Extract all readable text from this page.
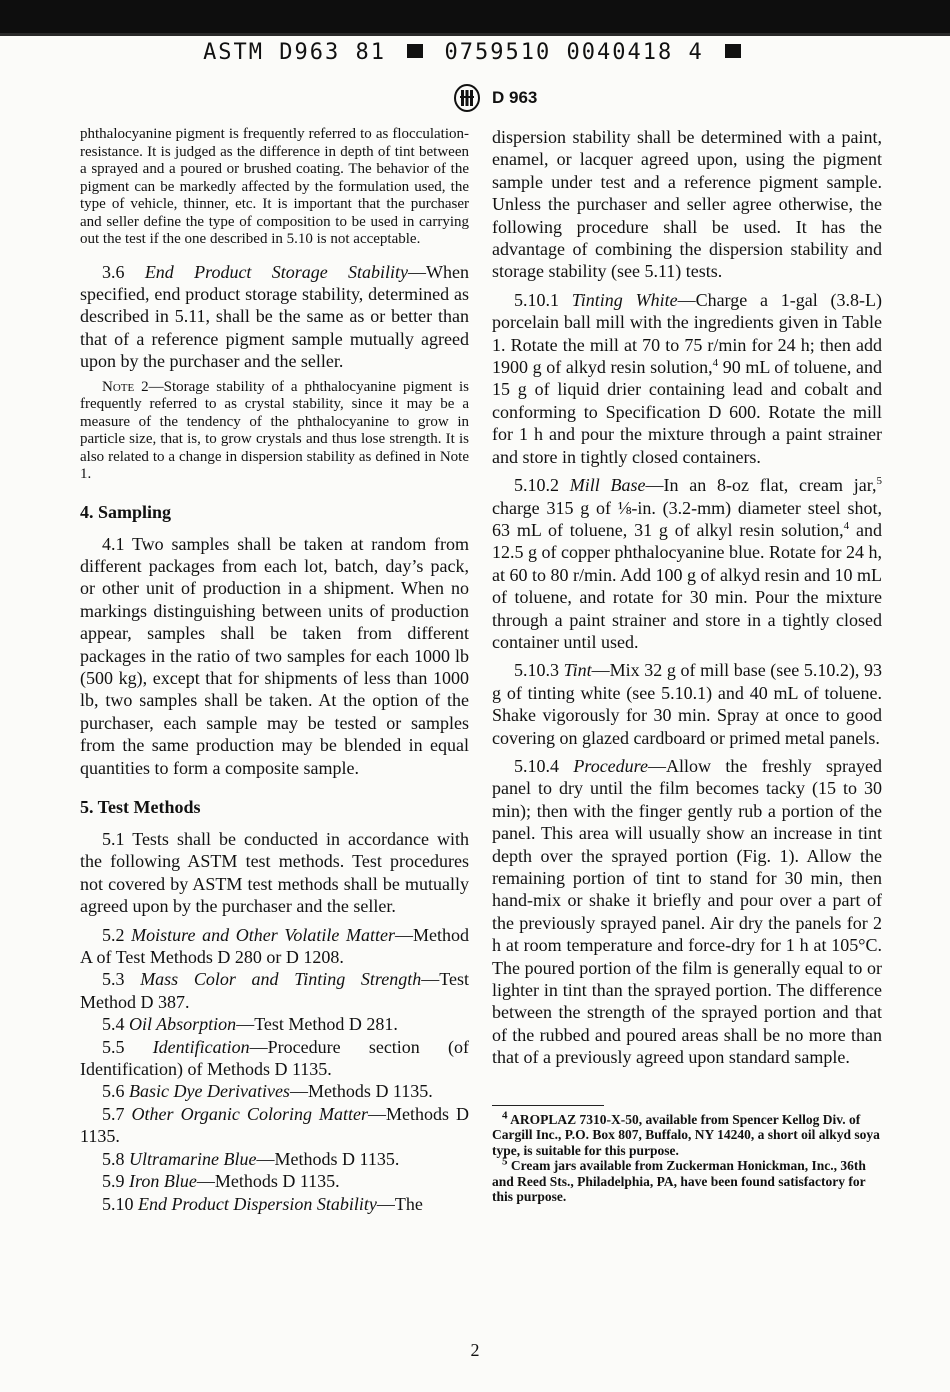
ASTM D963 81	0759510 0040418 4
D 963

phthalocyanine pigment is frequently referred to as flocculation-resistance. It is judged as the difference in depth of tint between a sprayed and a poured or brushed coating. The behavior of the pigment can be markedly affected by the formulation used, the type of vehicle, thinner, etc. It is important that the purchaser and seller define the type of composition to be used in carrying out the test if the one described in 5.10 is not acceptable.

3.6 End Product Storage Stability—When specified, end product storage stability, determined as described in 5.11, shall be the same as or better than that of a reference pigment sample mutually agreed upon by the purchaser and the seller.

Note 2—Storage stability of a phthalocyanine pigment is frequently referred to as crystal stability, since it may be a measure of the tendency of the phthalocyanine to grow in particle size, that is, to grow crystals and thus lose strength. It is also related to a change in dispersion stability as defined in Note 1.

4. Sampling

4.1 Two samples shall be taken at random from different packages from each lot, batch, day’s pack, or other unit of production in a shipment. When no markings distinguishing between units of production appear, samples shall be taken from different packages in the ratio of two samples for each 1000 lb (500 kg), except that for shipments of less than 1000 lb, two samples shall be taken. At the option of the purchaser, each sample may be tested or samples from the same production may be blended in equal quantities to form a composite sample.

5. Test Methods

5.1 Tests shall be conducted in accordance with the following ASTM test methods. Test procedures not covered by ASTM test methods shall be mutually agreed upon by the purchaser and the seller.

5.2 Moisture and Other Volatile Matter—Method A of Test Methods D 280 or D 1208.

5.3 Mass Color and Tinting Strength—Test Method D 387.

5.4 Oil Absorption—Test Method D 281.

5.5 Identification—Procedure section (of Identification) of Methods D 1135.

5.6 Basic Dye Derivatives—Methods D 1135.

5.7 Other Organic Coloring Matter—Methods D 1135.

5.8 Ultramarine Blue—Methods D 1135.

5.9 Iron Blue—Methods D 1135.

5.10 End Product Dispersion Stability—The

dispersion stability shall be determined with a paint, enamel, or lacquer agreed upon, using the pigment sample under test and a reference pigment sample. Unless the purchaser and seller agree otherwise, the following procedure shall be used. It has the advantage of combining the dispersion stability and storage stability (see 5.11) tests.

5.10.1 Tinting White—Charge a 1-gal (3.8-L) porcelain ball mill with the ingredients given in Table 1. Rotate the mill at 70 to 75 r/min for 24 h; then add 1900 g of alkyd resin solution,$^4$ 90 mL of toluene, and 15 g of liquid drier containing lead and cobalt and conforming to Specification D 600. Rotate the mill for 1 h and pour the mixture through a paint strainer and store in tightly closed containers.

5.10.2 Mill Base—In an 8-oz flat, cream jar,$^5$ charge 315 g of ⅛-in. (3.2-mm) diameter steel shot, 63 mL of toluene, 31 g of alkyl resin solution,$^4$ and 12.5 g of copper phthalocyanine blue. Rotate for 24 h, at 60 to 80 r/min. Add 100 g of alkyd resin and 10 mL of toluene, and rotate for 30 min. Pour the mixture through a paint strainer and store in a tightly closed container until used.

5.10.3 Tint—Mix 32 g of mill base (see 5.10.2), 93 g of tinting white (see 5.10.1) and 40 mL of toluene. Shake vigorously for 30 min. Spray at once to good covering on glazed cardboard or primed metal panels.

5.10.4 Procedure—Allow the freshly sprayed panel to dry until the film becomes tacky (15 to 30 min); then with the finger gently rub a portion of the panel. This area will usually show an increase in tint depth over the sprayed portion (Fig. 1). Allow the remaining portion of tint to stand for 30 min, then hand-mix or shake it briefly and pour over a part of the previously sprayed panel. Air dry the panels for 2 h at room temperature and force-dry for 1 h at 105°C. The poured portion of the film is generally equal to or lighter in tint than the sprayed portion. The difference between the strength of the sprayed portion and that of the rubbed and poured areas shall be no more than that of a previously agreed upon standard sample.

$^4$ AROPLAZ 7310-X-50, available from Spencer Kellog Div. of Cargill Inc., P.O. Box 807, Buffalo, NY 14240, a short oil alkyd soya type, is suitable for this purpose.

$^5$ Cream jars available from Zuckerman Honickman, Inc., 36th and Reed Sts., Philadelphia, PA, have been found satisfactory for this purpose.

2
